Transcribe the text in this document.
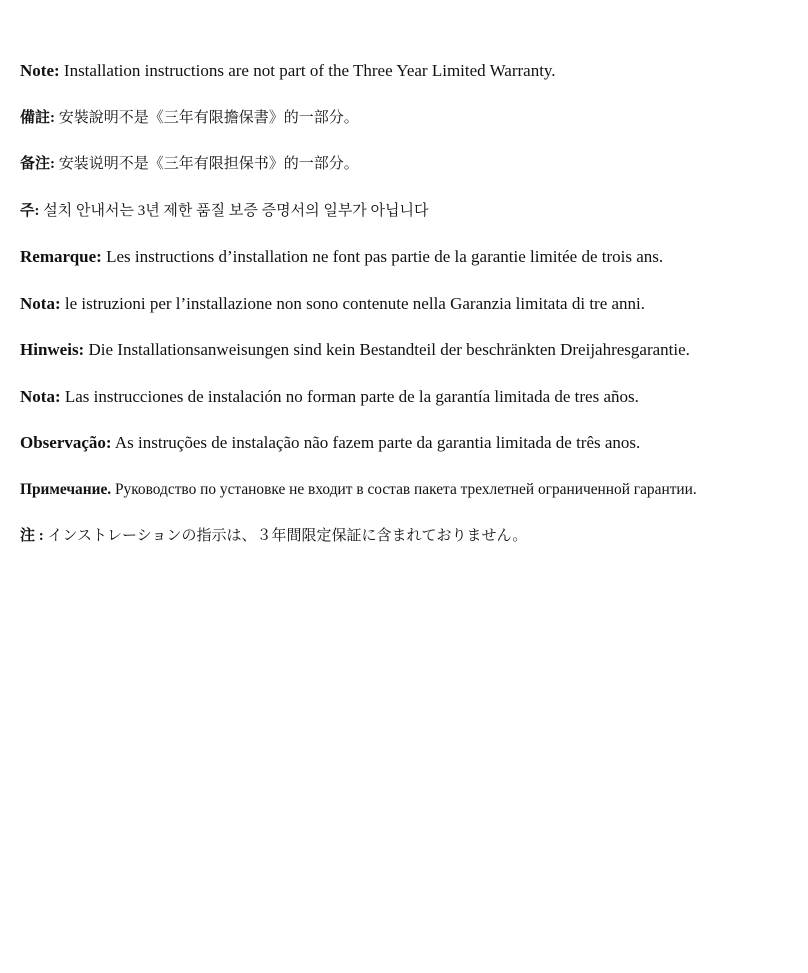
Note: Installation instructions are not part of the Three Year Limited Warranty.
備註: 安裝說明不是《三年有限擔保書》的一部分。
备注: 安装说明不是《三年有限担保书》的一部分。
주: 설치 안내서는 3년 제한 품질 보증 증명서의 일부가 아닙니다
Remarque: Les instructions d’installation ne font pas partie de la garantie limitée de trois ans.
Nota: le istruzioni per l’installazione non sono contenute nella Garanzia limitata di tre anni.
Hinweis: Die Installationsanweisungen sind kein Bestandteil der beschränkten Dreijahresgarantie.
Nota: Las instrucciones de instalación no forman parte de la garantía limitada de tres años.
Observação: As instruções de instalação não fazem parte da garantia limitada de três anos.
Примечание. Руководство по установке не входит в состав пакета трехлетней ограниченной гарантии.
注 : インストレーションの指示は、３年間限定保証に含まれておりません。
